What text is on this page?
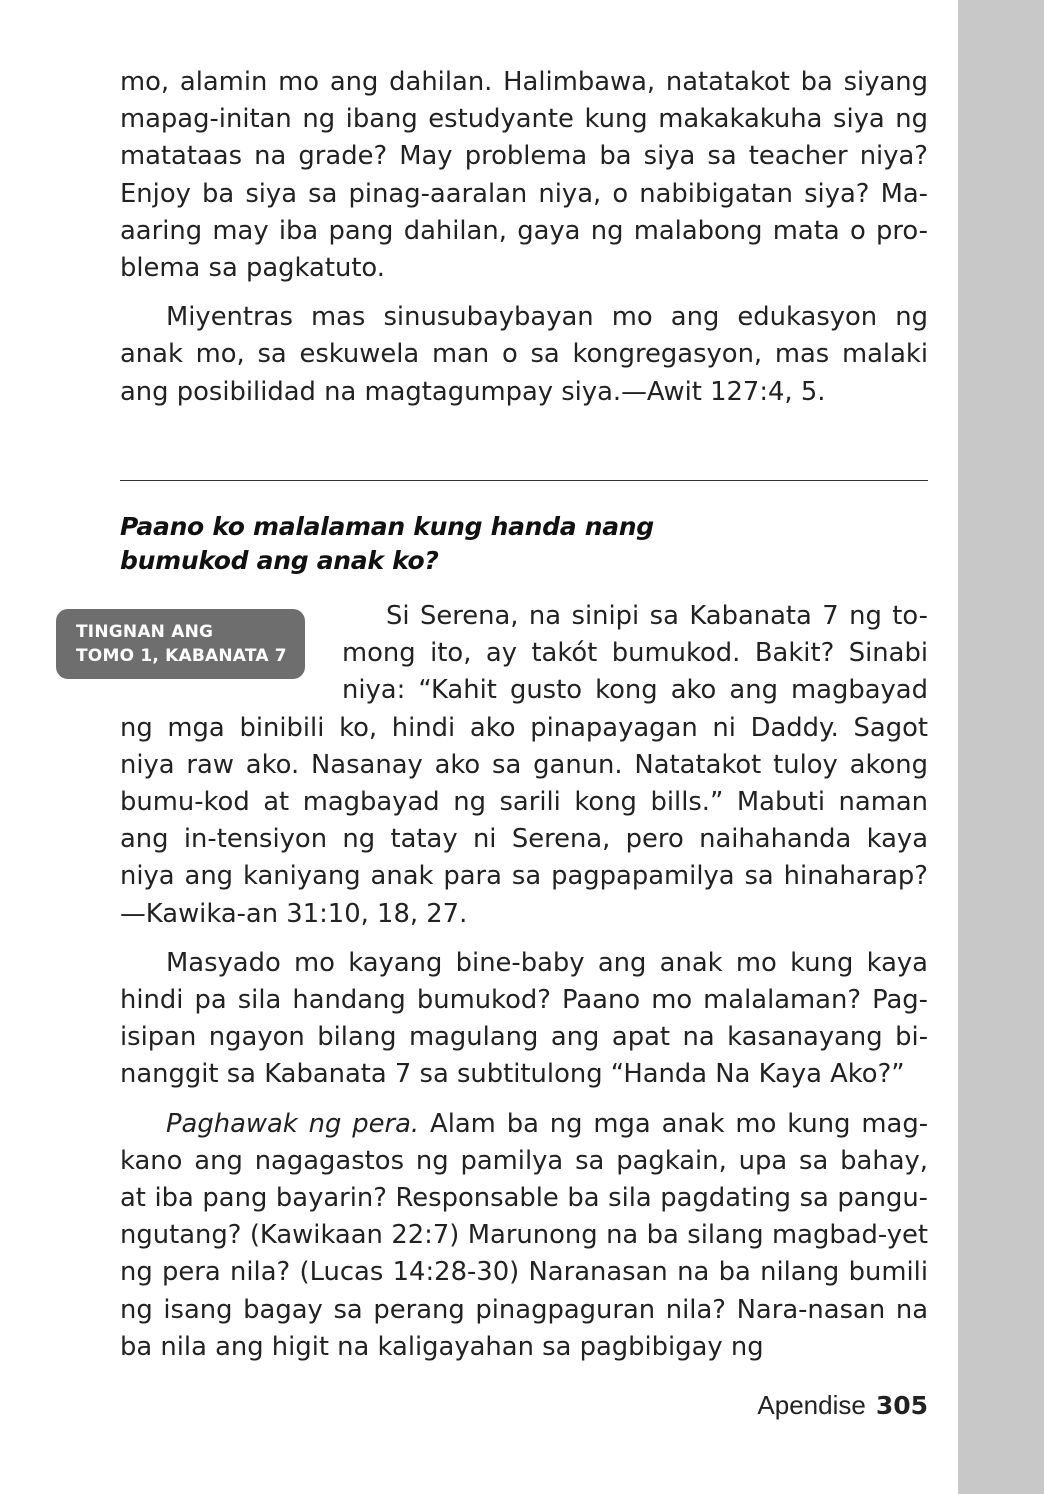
KALAYAAN

mo, alamin mo ang dahilan. Halimbawa, natatakot ba siyang mapag-initan ng ibang estudyante kung makakakuha siya ng matataas na grade? May problema ba siya sa teacher niya? Enjoy ba siya sa pinag-aaralan niya, o nabibigatan siya? Ma-aaring may iba pang dahilan, gaya ng malabong mata o pro-blema sa pagkatuto.

Miyentras mas sinusubaybayan mo ang edukasyon ng anak mo, sa eskuwela man o sa kongregasyon, mas malaki ang posibilidad na magtagumpay siya.—Awit 127:4, 5.

Paano ko malalaman kung handa nang
bumukod ang anak ko?
TINGNAN ANG
TOMO 1, KABANATA 7

Si Serena, na sinipi sa Kabanata 7 ng to-mong ito, ay takót bumukod. Bakit? Sinabi niya: “Kahit gusto kong ako ang magbayad ng mga binibili ko, hindi ako pinapayagan ni Daddy. Sagot niya raw ako. Nasanay ako sa ganun. Natatakot tuloy akong bumu-kod at magbayad ng sarili kong bills.” Mabuti naman ang in-tensiyon ng tatay ni Serena, pero naihahanda kaya niya ang kaniyang anak para sa pagpapamilya sa hinaharap?—Kawika-an 31:10, 18, 27.

Masyado mo kayang bine-baby ang anak mo kung kaya hindi pa sila handang bumukod? Paano mo malalaman? Pag-isipan ngayon bilang magulang ang apat na kasanayang bi-nanggit sa Kabanata 7 sa subtitulong “Handa Na Kaya Ako?”

Paghawak ng pera. Alam ba ng mga anak mo kung mag-kano ang nagagastos ng pamilya sa pagkain, upa sa bahay, at iba pang bayarin? Responsable ba sila pagdating sa pangu-ngutang? (Kawikaan 22:7) Marunong na ba silang magbad-yet ng pera nila? (Lucas 14:28-30) Naranasan na ba nilang bumili ng isang bagay sa perang pinagpaguran nila? Nara-nasan na ba nila ang higit na kaligayahan sa pagbibigay ng

Apendise 305
